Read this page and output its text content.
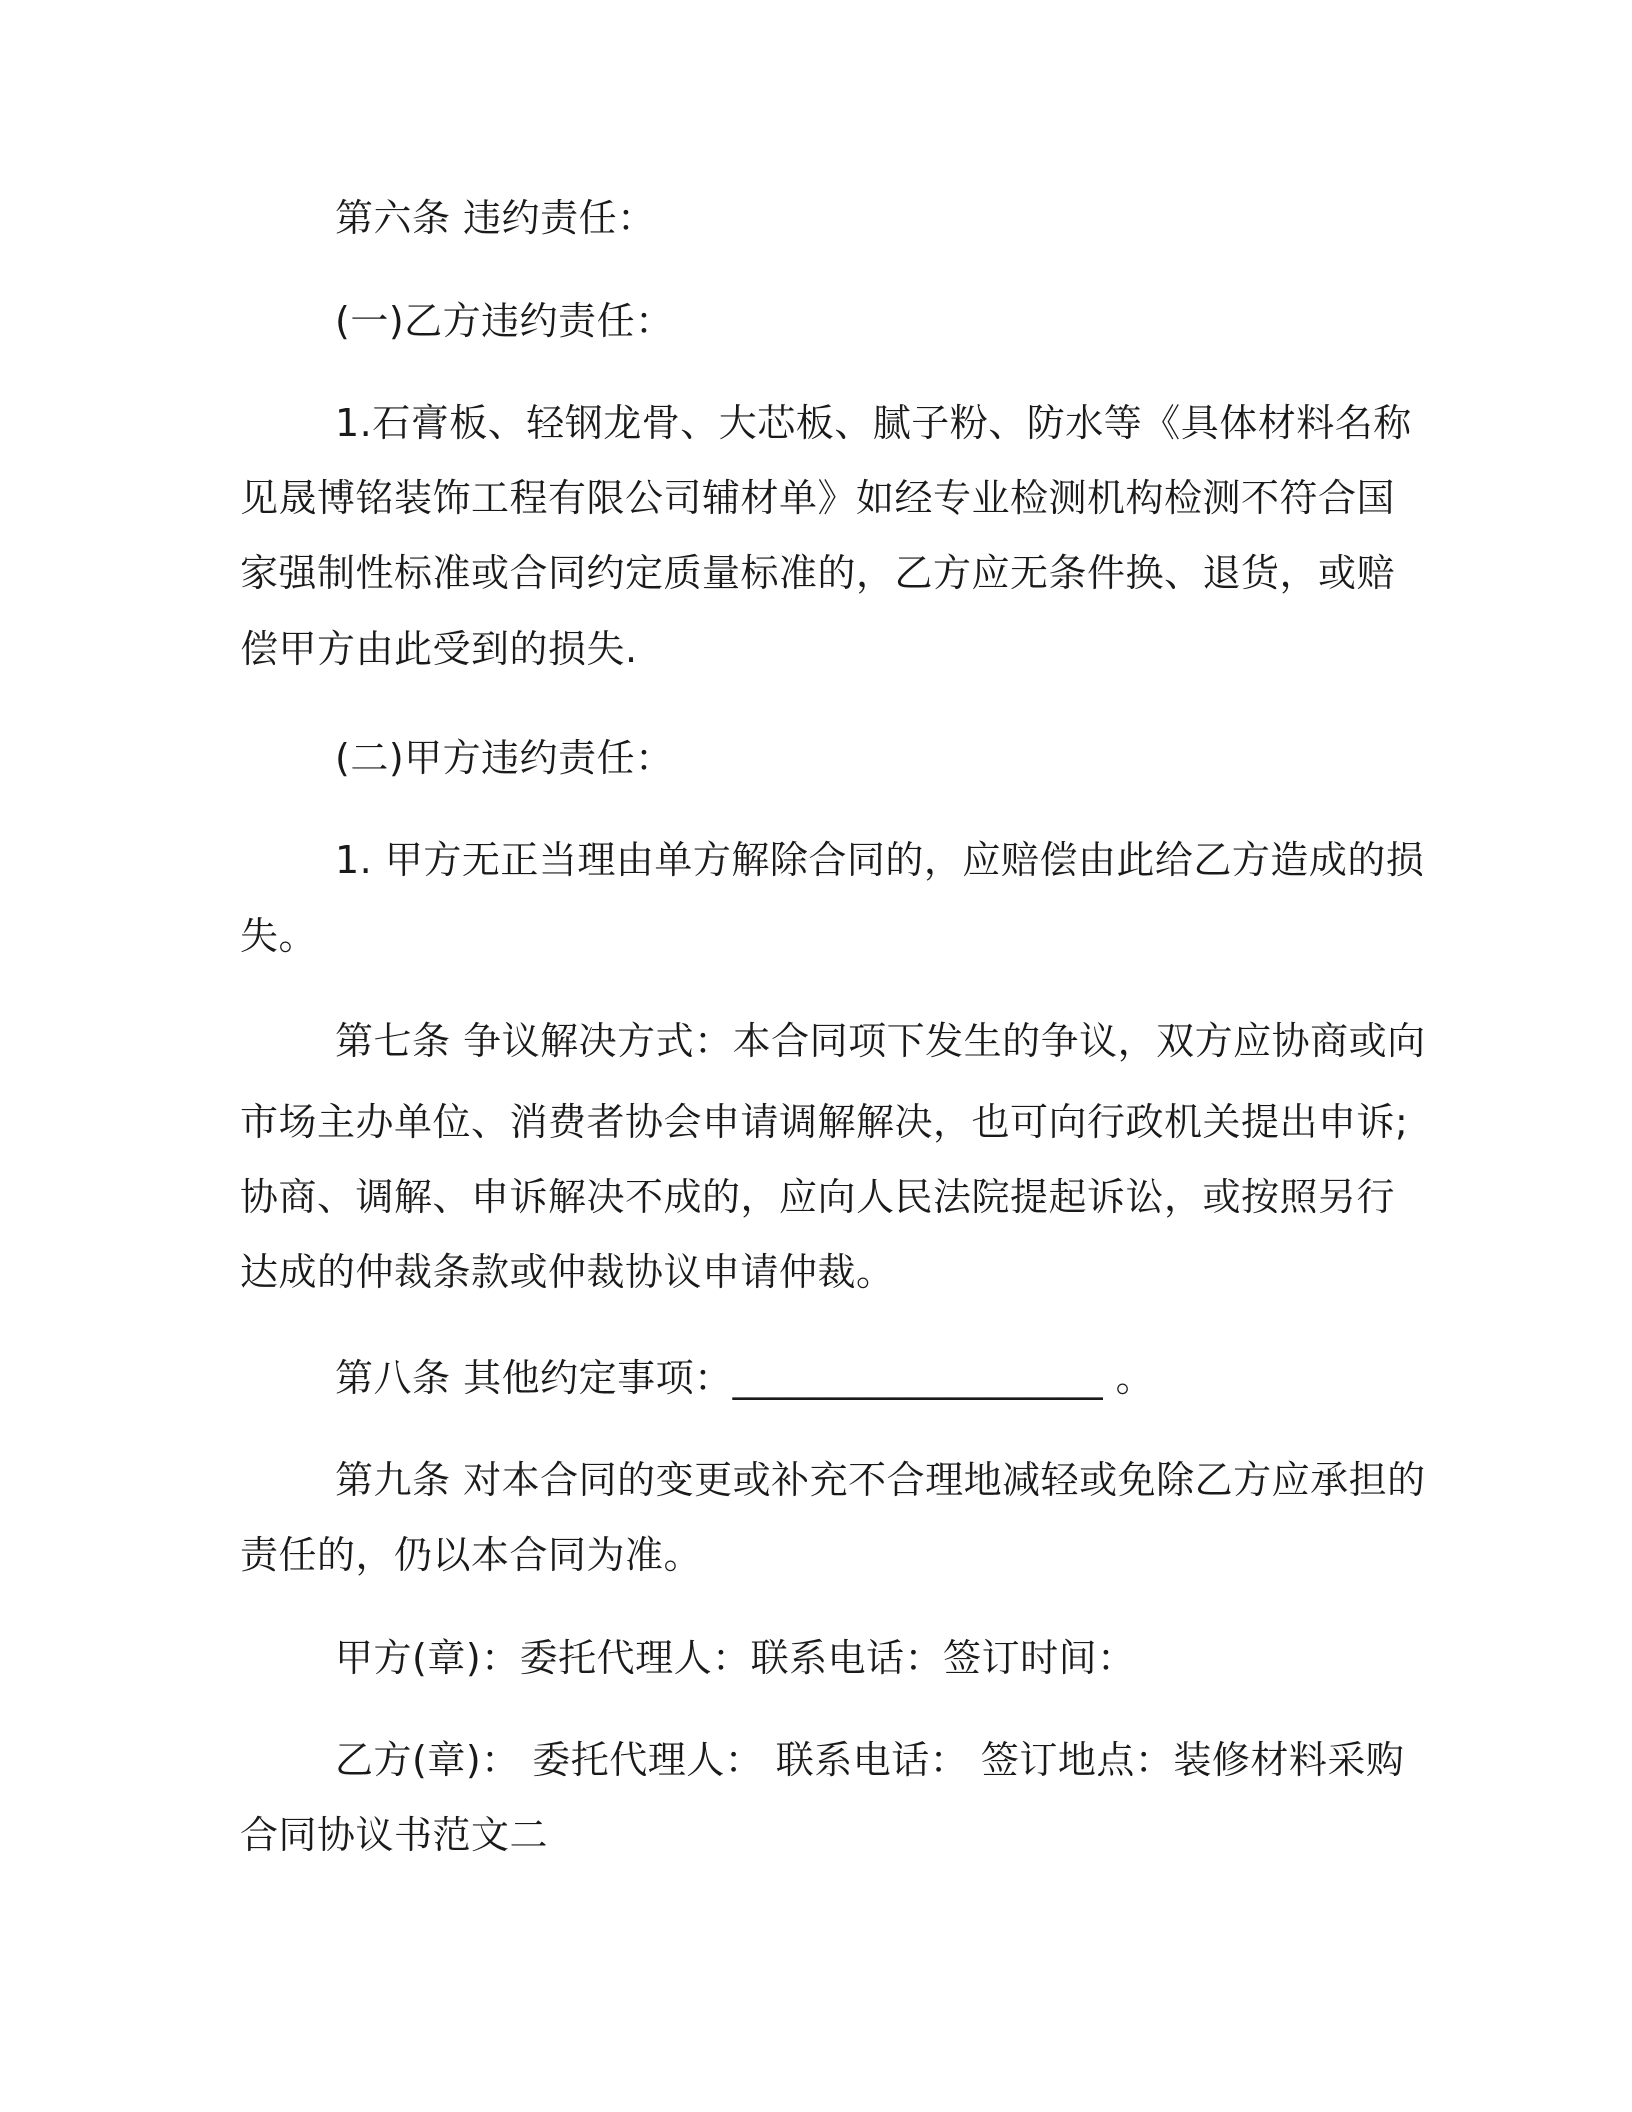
第六条 违约责任：
(一)乙方违约责任：
1.石膏板、轻钢龙骨、大芯板、腻子粉、防水等《具体材料名称
见晟博铭装饰工程有限公司辅材单》如经专业检测机构检测不符合国
家强制性标准或合同约定质量标准的，乙方应无条件换、退货，或赔
偿甲方由此受到的损失.
(二)甲方违约责任：
1. 甲方无正当理由单方解除合同的，应赔偿由此给乙方造成的损
失。
第七条 争议解决方式：本合同项下发生的争议，双方应协商或向
市场主办单位、消费者协会申请调解解决，也可向行政机关提出申诉;
协商、调解、申诉解决不成的，应向人民法院提起诉讼，或按照另行
达成的仲裁条款或仲裁协议申请仲裁。
第八条 其他约定事项：___________________ 。
第九条 对本合同的变更或补充不合理地减轻或免除乙方应承担的
责任的，仍以本合同为准。
甲方(章)：委托代理人：联系电话：签订时间：
乙方(章)： 委托代理人： 联系电话： 签订地点：装修材料采购
合同协议书范文二
